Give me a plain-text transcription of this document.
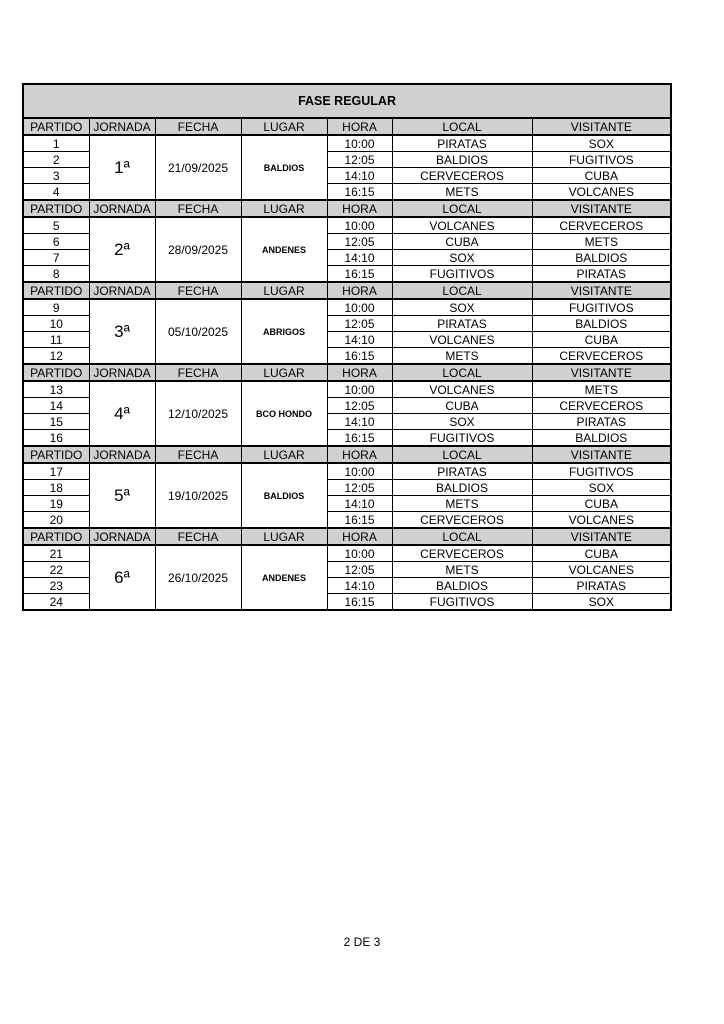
FASE REGULAR						
PARTIDO	JORNADA	FECHA	LUGAR	HORA	LOCAL	VISITANTE
1	1ª	21/09/2025	BALDIOS	10:00	PIRATAS	SOX
2				12:05	BALDIOS	FUGITIVOS
3				14:10	CERVECEROS	CUBA
4				16:15	METS	VOLCANES
PARTIDO	JORNADA	FECHA	LUGAR	HORA	LOCAL	VISITANTE
5	2ª	28/09/2025	ANDENES	10:00	VOLCANES	CERVECEROS
6				12:05	CUBA	METS
7				14:10	SOX	BALDIOS
8				16:15	FUGITIVOS	PIRATAS
PARTIDO	JORNADA	FECHA	LUGAR	HORA	LOCAL	VISITANTE
9	3ª	05/10/2025	ABRIGOS	10:00	SOX	FUGITIVOS
10				12:05	PIRATAS	BALDIOS
11				14:10	VOLCANES	CUBA
12				16:15	METS	CERVECEROS
PARTIDO	JORNADA	FECHA	LUGAR	HORA	LOCAL	VISITANTE
13	4ª	12/10/2025	BCO HONDO	10:00	VOLCANES	METS
14				12:05	CUBA	CERVECEROS
15				14:10	SOX	PIRATAS
16				16:15	FUGITIVOS	BALDIOS
PARTIDO	JORNADA	FECHA	LUGAR	HORA	LOCAL	VISITANTE
17	5ª	19/10/2025	BALDIOS	10:00	PIRATAS	FUGITIVOS
18				12:05	BALDIOS	SOX
19				14:10	METS	CUBA
20				16:15	CERVECEROS	VOLCANES
PARTIDO	JORNADA	FECHA	LUGAR	HORA	LOCAL	VISITANTE
21	6ª	26/10/2025	ANDENES	10:00	CERVECEROS	CUBA
22				12:05	METS	VOLCANES
23				14:10	BALDIOS	PIRATAS
24				16:15	FUGITIVOS	SOX
2 DE 3
